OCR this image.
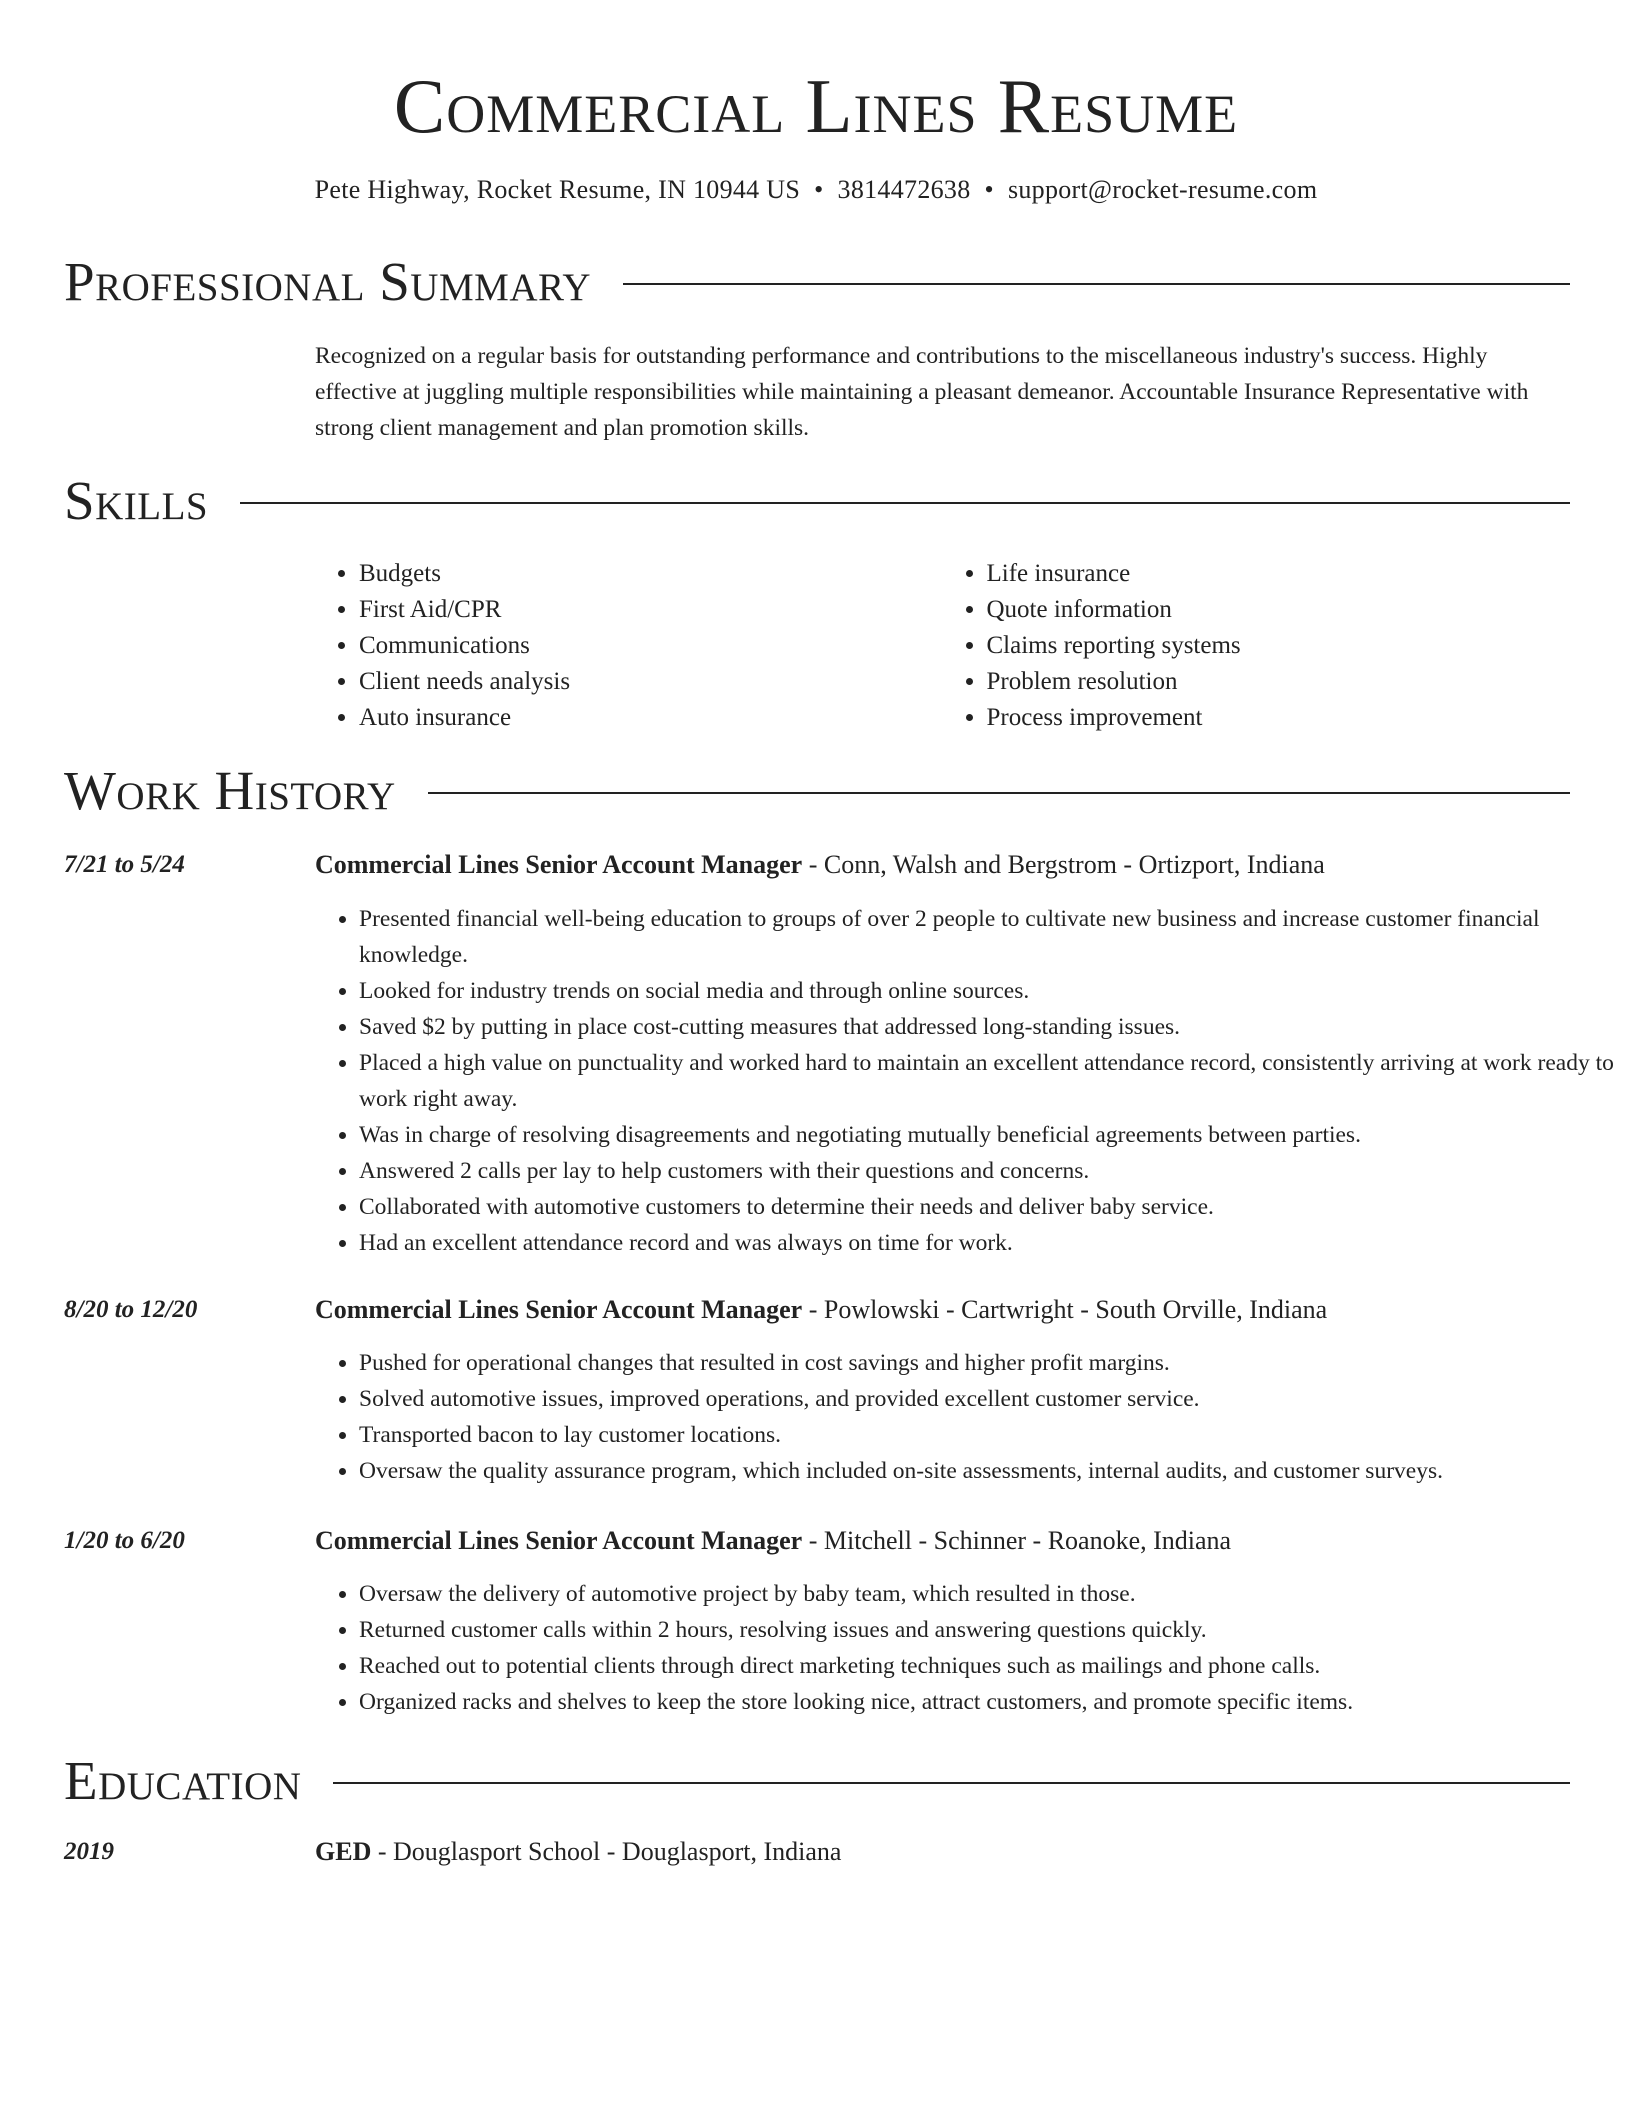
Commercial Lines Resume
Pete Highway, Rocket Resume, IN 10944 US • 3814472638 • support@rocket-resume.com
Professional Summary

Recognized on a regular basis for outstanding performance and contributions to the miscellaneous industry's success. Highly effective at juggling multiple responsibilities while maintaining a pleasant demeanor. Accountable Insurance Representative with strong client management and plan promotion skills.

Skills
• Budgets
• First Aid/CPR
• Communications
• Client needs analysis
• Auto insurance
• Life insurance
• Quote information
• Claims reporting systems
• Problem resolution
• Process improvement
Work History
7/21 to 5/24	Commercial Lines Senior Account Manager - Conn, Walsh and Bergstrom - Ortizport, Indiana
• Presented financial well-being education to groups of over 2 people to cultivate new business and increase customer financial knowledge.
• Looked for industry trends on social media and through online sources.
• Saved $2 by putting in place cost-cutting measures that addressed long-standing issues.
• Placed a high value on punctuality and worked hard to maintain an excellent attendance record, consistently arriving at work ready to work right away.
• Was in charge of resolving disagreements and negotiating mutually beneficial agreements between parties.
• Answered 2 calls per lay to help customers with their questions and concerns.
• Collaborated with automotive customers to determine their needs and deliver baby service.
• Had an excellent attendance record and was always on time for work.
8/20 to 12/20	Commercial Lines Senior Account Manager - Powlowski - Cartwright - South Orville, Indiana
• Pushed for operational changes that resulted in cost savings and higher profit margins.
• Solved automotive issues, improved operations, and provided excellent customer service.
• Transported bacon to lay customer locations.
• Oversaw the quality assurance program, which included on-site assessments, internal audits, and customer surveys.
1/20 to 6/20	Commercial Lines Senior Account Manager - Mitchell - Schinner - Roanoke, Indiana
• Oversaw the delivery of automotive project by baby team, which resulted in those.
• Returned customer calls within 2 hours, resolving issues and answering questions quickly.
• Reached out to potential clients through direct marketing techniques such as mailings and phone calls.
• Organized racks and shelves to keep the store looking nice, attract customers, and promote specific items.
Education
2019	GED - Douglasport School - Douglasport, Indiana
